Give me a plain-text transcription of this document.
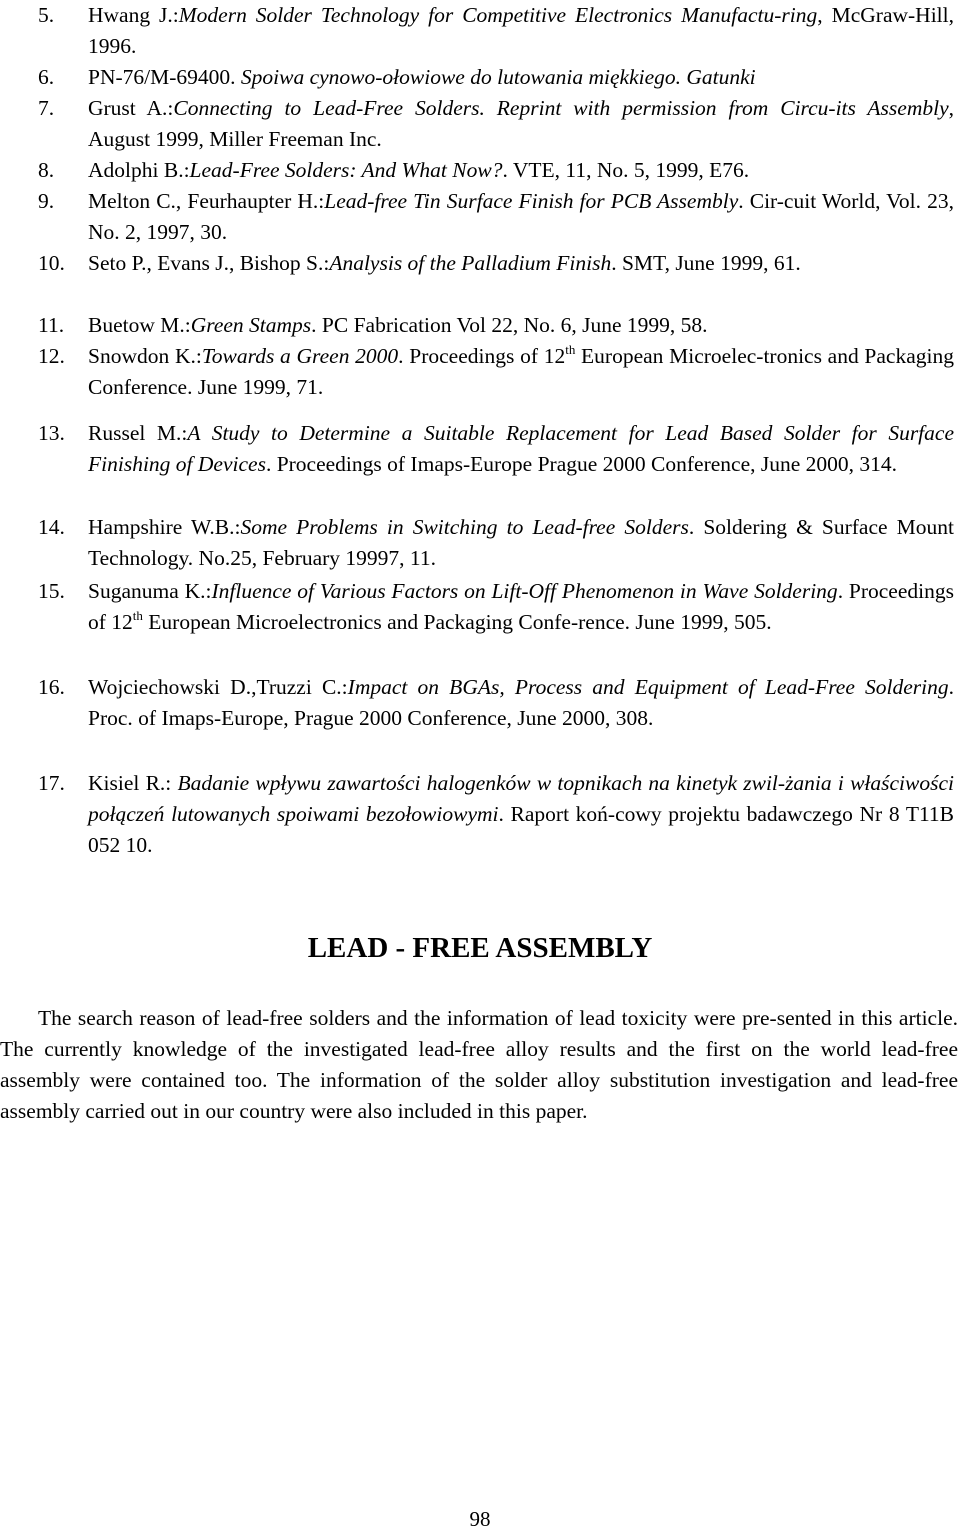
5. Hwang J.:Modern Solder Technology for Competitive Electronics Manufactu-ring, McGraw-Hill, 1996.
6. PN-76/M-69400. Spoiwa cynowo-ołowiowe do lutowania miękkiego. Gatunki
7. Grust A.:Connecting to Lead-Free Solders. Reprint with permission from Circu-its Assembly, August 1999, Miller Freeman Inc.
8. Adolphi B.:Lead-Free Solders: And What Now?. VTE, 11, No. 5, 1999, E76.
9. Melton C., Feurhaupter H.:Lead-free Tin Surface Finish for PCB Assembly. Cir-cuit World, Vol. 23, No. 2, 1997, 30.
10. Seto P., Evans J., Bishop S.:Analysis of the Palladium Finish. SMT, June 1999, 61.
11. Buetow M.:Green Stamps. PC Fabrication Vol 22, No. 6, June 1999, 58.
12. Snowdon K.:Towards a Green 2000. Proceedings of 12th European Microelec-tronics and Packaging Conference. June 1999, 71.
13. Russel M.:A Study to Determine a Suitable Replacement for Lead Based Solder for Surface Finishing of Devices. Proceedings of Imaps-Europe Prague 2000 Conference, June 2000, 314.
14. Hampshire W.B.:Some Problems in Switching to Lead-free Solders. Soldering & Surface Mount Technology. No.25, February 19997, 11.
15. Suganuma K.:Influence of Various Factors on Lift-Off Phenomenon in Wave Soldering. Proceedings of 12th European Microelectronics and Packaging Confe-rence. June 1999, 505.
16. Wojciechowski D.,Truzzi C.:Impact on BGAs, Process and Equipment of Lead-Free Soldering. Proc. of Imaps-Europe, Prague 2000 Conference, June 2000, 308.
17. Kisiel R.: Badanie wpływu zawartości halogenków w topnikach na kinetyk zwil-żania i właściwości połączeń lutowanych spoiwami bezołowiowymi. Raport koń-cowy projektu badawczego Nr 8 T11B 052 10.
LEAD - FREE ASSEMBLY

The search reason of lead-free solders and the information of lead toxicity were pre-sented in this article. The currently knowledge of the investigated lead-free alloy results and the first on the world lead-free assembly were contained too. The information of the solder alloy substitution investigation and lead-free assembly carried out in our country were also included in this paper.

98
